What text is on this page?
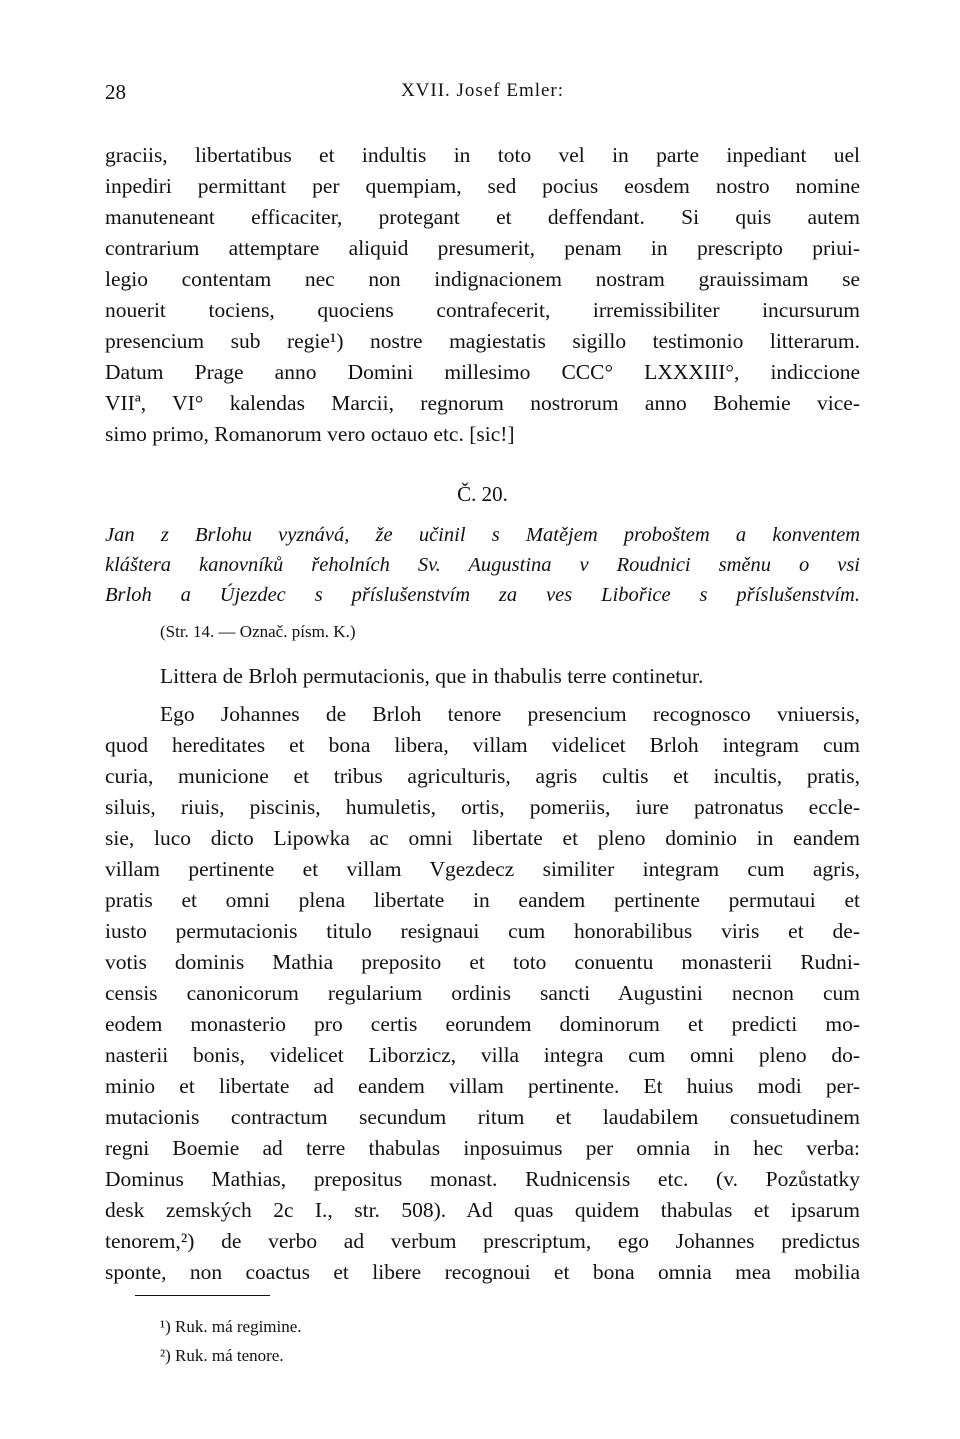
28	XVII. Josef Emler:
graciis, libertatibus et indultis in toto vel in parte inpediant uel
inpediri permittant per quempiam, sed pocius eosdem nostro nomine
manuteneant efficaciter, protegant et deffendant. Si quis autem
contrarium attemptare aliquid presumerit, penam in prescripto priui-
legio contentam nec non indignacionem nostram grauissimam se
nouerit tociens, quociens contrafecerit, irremissibiliter incursurum
presencium sub regie¹) nostre magiestatis sigillo testimonio litterarum.
Datum Prage anno Domini millesimo CCC° LXXXIII°, indiccione
VIIª, VI° kalendas Marcii, regnorum nostrorum anno Bohemie vice-
simo primo, Romanorum vero octauo etc. [sic!]
Č. 20.
Jan z Brlohu vyznává, že učinil s Matějem proboštem a konventem
kláštera kanovníků řeholních Sv. Augustina v Roudnici směnu o vsi
Brloh a Újezdec s příslušenstvím za ves Libořice s příslušenstvím.
(Str. 14. — Označ. písm. K.)
Littera de Brloh permutacionis, que in thabulis terre continetur.
Ego Johannes de Brloh tenore presencium recognosco vniuersis,
quod hereditates et bona libera, villam videlicet Brloh integram cum
curia, municione et tribus agriculturis, agris cultis et incultis, pratis,
siluis, riuis, piscinis, humuletis, ortis, pomeriis, iure patronatus eccle-
sie, luco dicto Lipowka ac omni libertate et pleno dominio in eandem
villam pertinente et villam Vgezdecz similiter integram cum agris,
pratis et omni plena libertate in eandem pertinente permutaui et
iusto permutacionis titulo resignaui cum honorabilibus viris et de-
votis dominis Mathia preposito et toto conuentu monasterii Rudni-
censis canonicorum regularium ordinis sancti Augustini necnon cum
eodem monasterio pro certis eorundem dominorum et predicti mo-
nasterii bonis, videlicet Liborzicz, villa integra cum omni pleno do-
minio et libertate ad eandem villam pertinente. Et huius modi per-
mutacionis contractum secundum ritum et laudabilem consuetudinem
regni Boemie ad terre thabulas inposuimus per omnia in hec verba:
Dominus Mathias, prepositus monast. Rudnicensis etc. (v. Pozůstatky
desk zemských 2c I., str. 508). Ad quas quidem thabulas et ipsarum
tenorem,²) de verbo ad verbum prescriptum, ego Johannes predictus
sponte, non coactus et libere recognoui et bona omnia mea mobilia
¹) Ruk. má regimine.
²) Ruk. má tenore.
